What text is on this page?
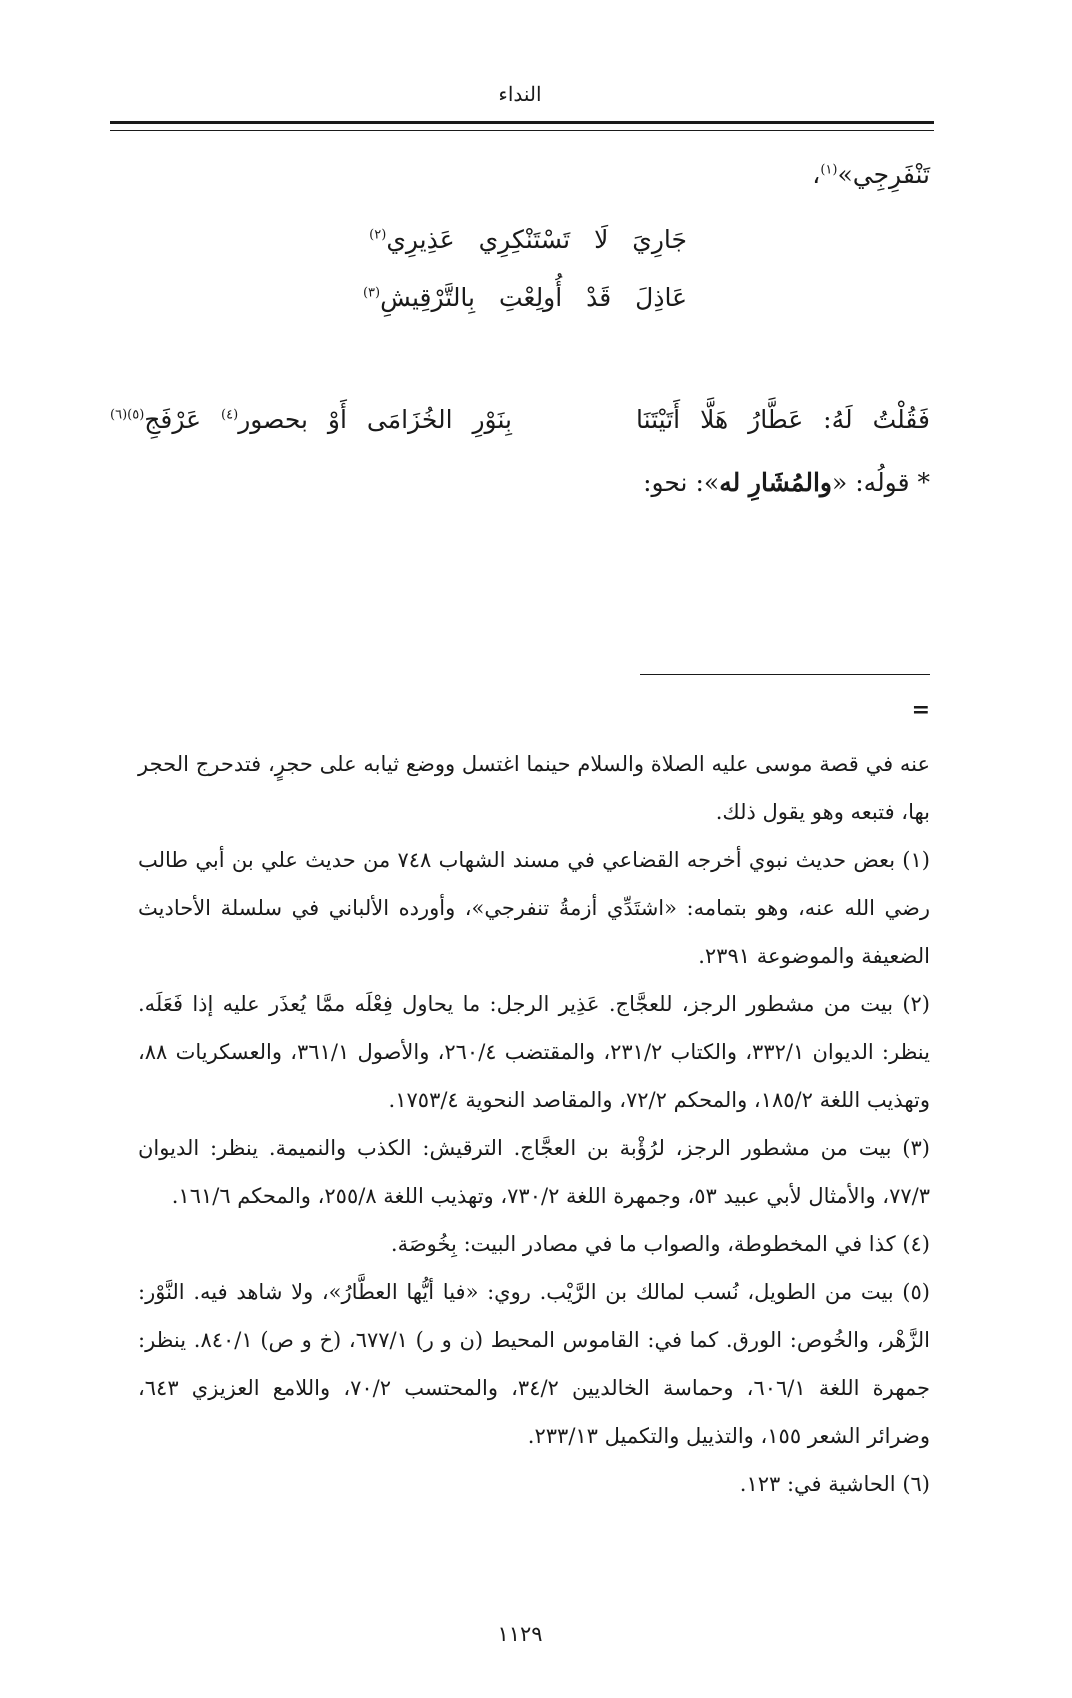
النداء
تَنْفَرِجِي»$^{(١)}$،
جَارِيَ لَا تَسْتَنْكِرِي عَذِيرِي$^{(٢)}$
عَاذِلَ قَدْ أُولِعْتِ بِالتَّرْقِيشِ$^{(٣)}$
فَقُلْتُ لَهُ: عَطَّارُ هَلَّا أَتَيْتَنَا
بِنَوْرِ الخُزَامَى أَوْ بحصور$^{(٤)}$ عَرْفَجِ$^{(٥)(٦)}$
* قولُه: «والمُشَارِ له»: نحو:
=

عنه في قصة موسى عليه الصلاة والسلام حينما اغتسل ووضع ثيابه على حجرٍ، فتدحرج الحجر بها، فتبعه وهو يقول ذلك.

(١) بعض حديث نبوي أخرجه القضاعي في مسند الشهاب ٧٤٨ من حديث علي بن أبي طالب رضي الله عنه، وهو بتمامه: «اشتَدِّي أزمةُ تنفرجي»، وأورده الألباني في سلسلة الأحاديث الضعيفة والموضوعة ٢٣٩١.

(٢) بيت من مشطور الرجز، للعجَّاج. عَذِير الرجل: ما يحاول فِعْلَه ممَّا يُعذَر عليه إذا فَعَلَه. ينظر: الديوان ٣٣٢/١، والكتاب ٢٣١/٢، والمقتضب ٢٦٠/٤، والأصول ٣٦١/١، والعسكريات ٨٨، وتهذيب اللغة ١٨٥/٢، والمحكم ٧٢/٢، والمقاصد النحوية ١٧٥٣/٤.

(٣) بيت من مشطور الرجز، لرُؤْبة بن العجَّاج. الترقيش: الكذب والنميمة. ينظر: الديوان ٧٧/٣، والأمثال لأبي عبيد ٥٣، وجمهرة اللغة ٧٣٠/٢، وتهذيب اللغة ٢٥٥/٨، والمحكم ١٦١/٦.

(٤) كذا في المخطوطة، والصواب ما في مصادر البيت: بِخُوصَة.

(٥) بيت من الطويل، نُسب لمالك بن الرَّيْب. روي: «فيا أيُّها العطَّارُ»، ولا شاهد فيه. النَّوْر: الزَّهْر، والخُوص: الورق. كما في: القاموس المحيط (ن و ر) ٦٧٧/١، (خ و ص) ٨٤٠/١. ينظر: جمهرة اللغة ٦٠٦/١، وحماسة الخالديين ٣٤/٢، والمحتسب ٧٠/٢، واللامع العزيزي ٦٤٣، وضرائر الشعر ١٥٥، والتذييل والتكميل ٢٣٣/١٣.

(٦) الحاشية في: ١٢٣.

١١٢٩
